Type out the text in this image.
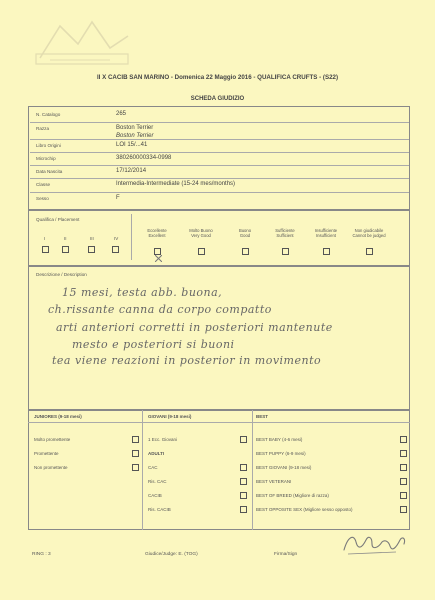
II X CACIB SAN MARINO - Domenica 22 Maggio 2016 - QUALIFICA CRUFTS - (S22)
SCHEDA GIUDIZIO
N. Catalogo	265
Razza	Boston Terrier
Boston Terrier
Libro Origini	LOI 15/...41
Microchip	380260000334-0998
Data Nascita	17/12/2014
Classe	Intermedia-Intermediate (15-24 mes/months)
Sesso	F
Qualifica / Placement
I	II	III	IV
Eccellente
Excellent
Molto Buono
Very Good
Buono
Good
Sufficiente
Sufficient
Insufficiente
Insufficient
Non giudicabile
Cannot be judged
Descrizione / Description
15 mesi, testa abb. buona,
ch.rissante canna da corpo compatto
arti anteriori corretti in posteriori mantenute
mesto e posteriori si buoni
tea viene reazioni in posterior in movimento
JUNIORES (9-18 mesi)	GIOVANI (9-18 mesi)	BEST
Molto promettente
Promettente
Non promettente
1 Ecc. Giovani
ADULTI
CAC
Ris. CAC
CACIB
Ris. CACIB
BEST BABY (4-6 mesi)
BEST PUPPY (6-9 mesi)
BEST GIOVANI (9-18 mesi)
BEST VETERANI
BEST OF BREED (Migliore di razza)
BEST OPPOSITE SEX (Migliore sesso opposto)
RING : 3	Giudice/Judge: E. (TOG)	Firma/Sign
